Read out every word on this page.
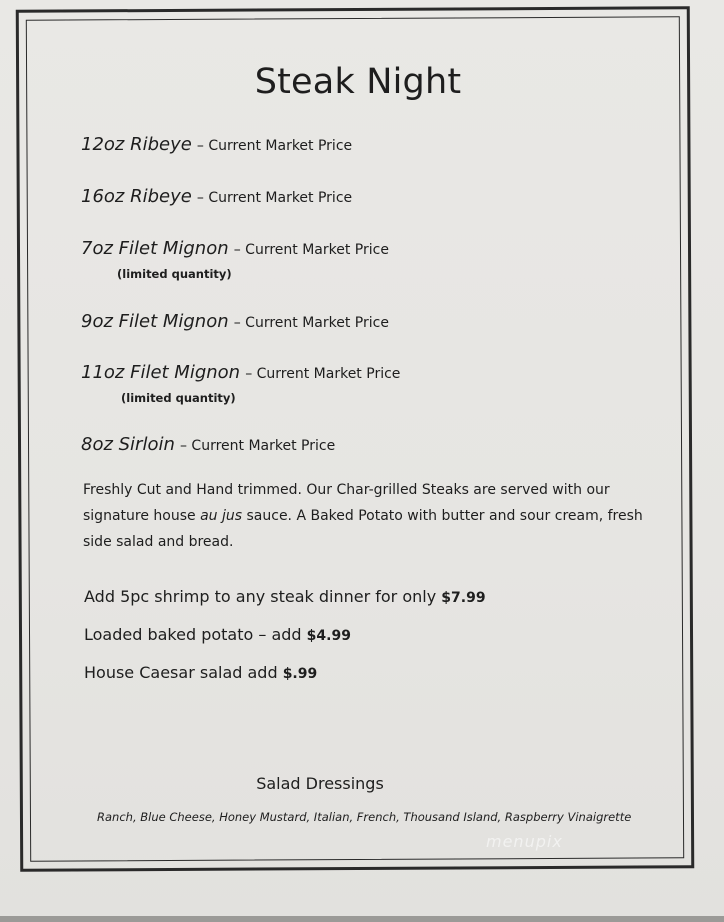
Steak Night
12oz Ribeye – Current Market Price
16oz Ribeye – Current Market Price
7oz Filet Mignon – Current Market Price
(limited quantity)
9oz Filet Mignon – Current Market Price
11oz Filet Mignon – Current Market Price
(limited quantity)
8oz Sirloin – Current Market Price
Freshly Cut and Hand trimmed. Our Char-grilled Steaks are served with our signature house au jus sauce. A Baked Potato with butter and sour cream, fresh side salad and bread.
Add 5pc shrimp to any steak dinner for only $7.99
Loaded baked potato – add $4.99
House Caesar salad add $.99
Salad Dressings
Ranch, Blue Cheese, Honey Mustard, Italian, French, Thousand Island, Raspberry Vinaigrette
menupix
